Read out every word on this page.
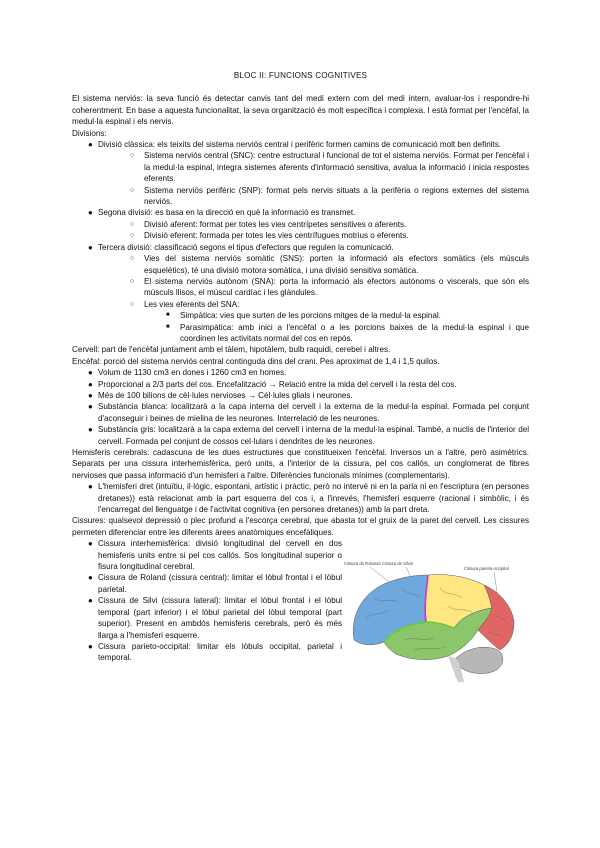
BLOC II: FUNCIONS COGNITIVES

El sistema nerviós: la seva funció és detectar canvis tant del medi extern com del medi intern, avaluar-los i respondre-hi coherentment. En base a aquesta funcionalitat, la seva organització és molt específica i complexa. I està format per l'encèfal, la medul·la espinal i els nervis.

Divisions:

● Divisió clàssica: els teixits del sistema nerviós central i perifèric formen camins de comunicació molt ben definits.
○ Sistema nerviós central (SNC): centre estructural i funcional de tot el sistema nerviós. Format per l'encèfal i la medul·la espinal, integra sistemes aferents d'informació sensitiva, avalua la informació i inicia respostes eferents.
○ Sistema nerviós perifèric (SNP): format pels nervis situats a la perifèria o regions externes del sistema nerviós.
● Segona divisió: es basa en la direcció en què la informació es transmet.
○ Divisió aferent: format per totes les vies centrípetes sensitives o aferents.
○ Divisió eferent: formada per totes les vies centrífugues motrius o eferents.
● Tercera divisió: classificació segons el tipus d'efectors que regulen la comunicació.
○ Vies del sistema nerviós somàtic (SNS): porten la informació als efectors somàtics (els músculs esquelètics), té una divisió motora somàtica, i una divisió sensitiva somàtica.
○ El sistema nerviós autònom (SNA): porta la informació als efectors autònoms o viscerals, que són els músculs llisos, el múscul cardíac i les glàndules.
○ Les vies eferents del SNA:
■ Simpàtica: vies que surten de les porcions mitges de la medul·la espinal.
■ Parasimpàtica: amb inici a l'encèfal o a les porcions baixes de la medul·la espinal i que coordinen les activitats normal del cos en repòs.

Cervell: part de l'encèfal juntament amb el tàlem, hipotàlem, bulb raquidi, cerebel i altres.

Encèfal: porció del sistema nerviós central continguda dins del crani. Pes aproximat de 1,4 i 1,5 quilos.

● Volum de 1130 cm3 en dones i 1260 cm3 en homes.
● Proporcional a 2/3 parts del cos. Encefalització → Relació entre la mida del cervell i la resta del cos.
● Més de 100 bilions de cèl·lules nervioses → Cèl·lules glials i neurones.
● Substància blanca: localitzarà a la capa interna del cervell i la externa de la medul·la espinal. Formada pel conjunt d'aconseguir i beines de mielina de les neurones. Interrelació de les neurones.
● Substància gris: localitzarà a la capa externa del cervell i interna de la medul·la espinal. També, a nuclis de l'interior del cervell. Formada pel conjunt de cossos cel·lulars i dendrites de les neurones.

Hemisferis cerebrals: cadascuna de les dues estructures que constitueixen l'encèfal. Inversos un a l'altre, però asimètrics. Separats per una cissura interhemisfèrica, però units, a l'interior de la cissura, pel cos callós, un conglomerat de fibres nervioses que passa informació d'un hemisferi a l'altre. Diferències funcionals mínimes (complementaris).

● L'hemisferi dret (intuïtiu, il·lògic, espontani, artístic i pràctic, però no intervé ni en la parla ni en l'escriptura (en persones dretanes)) està relacionat amb la part esquerra del cos i, a l'inrevés, l'hemisferi esquerre (racional i simbòlic, i és l'encarregat del llenguatge i de l'activitat cognitiva (en persones dretanes)) amb la part dreta.

Cissures: qualsevol depressió o plec profund a l'escorça cerebral, que abasta tot el gruix de la paret del cervell. Les cissures permeten diferenciar entre les diferents àrees anatòmiques encefàliques.

● Cissura interhemisfèrica: divisió longitudinal del cervell en dos hemisferis units entre si pel cos callós. Sos longitudinal superior o fisura longitudinal cerebral.
● Cissura de Roland (cissura central): limitar el lòbul frontal i el lòbul parietal.
● Cissura de Silvi (cissura lateral): limitar el lòbul frontal i el lòbul temporal (part inferior) i el lòbul parietal del lòbul temporal (part superior). Present en ambdós hemisferis cerebrals, però és més llarga a l'hemisferi esquerre.
● Cissura parieto-occipital: limitar els lòbuls occipital, parietal i temporal.
Cissura de Rolando Cissura de Silvio
Cissura parieto-occipital
